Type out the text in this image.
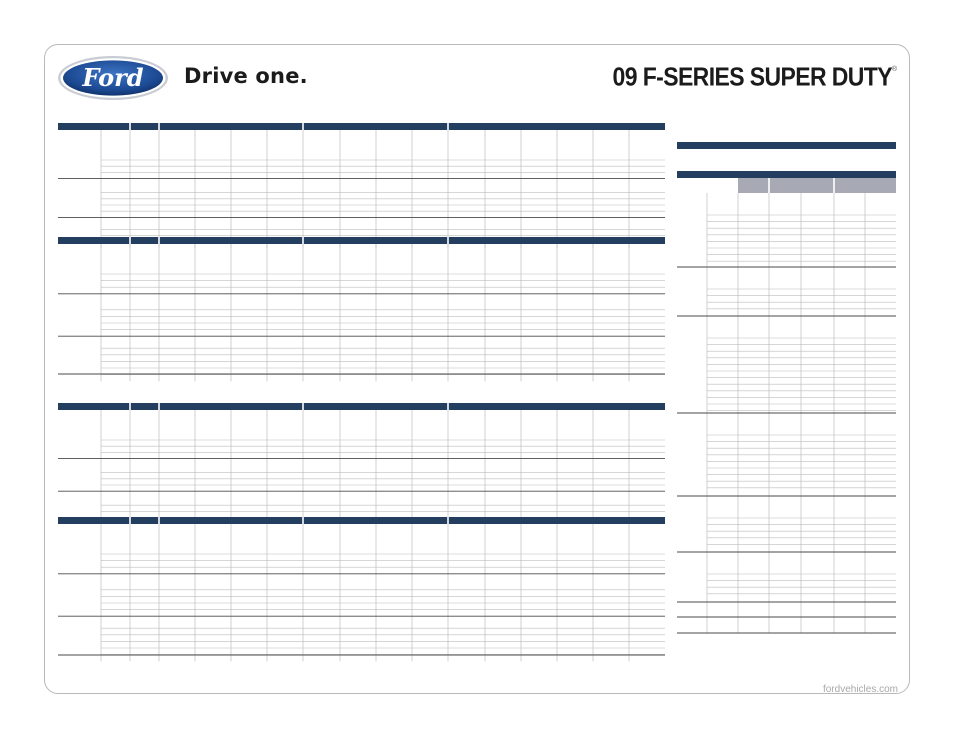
Ford Drive one.	09 F-SERIES SUPER DUTY ®
fordvehicles.com
